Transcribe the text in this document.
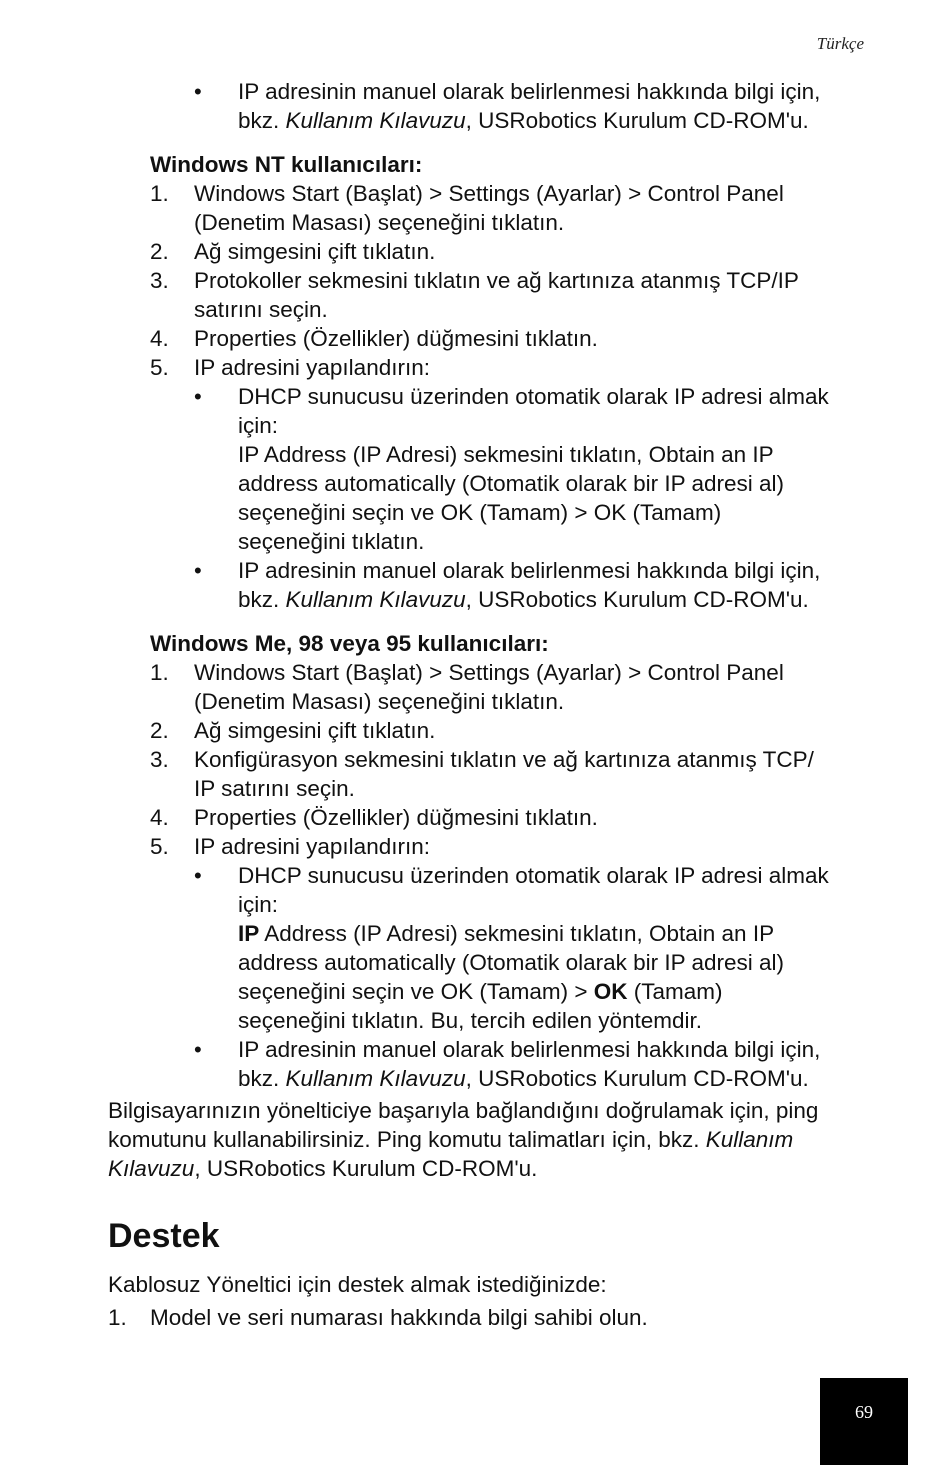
Türkçe
• IP adresinin manuel olarak belirlenmesi hakkında bilgi için,
bkz. Kullanım Kılavuzu, USRobotics Kurulum CD-ROM'u.
Windows NT kullanıcıları:
1. Windows Start (Başlat) > Settings (Ayarlar) > Control Panel
(Denetim Masası) seçeneğini tıklatın.
2. Ağ simgesini çift tıklatın.
3. Protokoller sekmesini tıklatın ve ağ kartınıza atanmış TCP/IP
satırını seçin.
4. Properties (Özellikler) düğmesini tıklatın.
5. IP adresini yapılandırın:
• DHCP sunucusu üzerinden otomatik olarak IP adresi almak
için:
IP Address (IP Adresi) sekmesini tıklatın, Obtain an IP
address automatically (Otomatik olarak bir IP adresi al)
seçeneğini seçin ve OK (Tamam) > OK (Tamam)
seçeneğini tıklatın.
• IP adresinin manuel olarak belirlenmesi hakkında bilgi için,
bkz. Kullanım Kılavuzu, USRobotics Kurulum CD-ROM'u.
Windows Me, 98 veya 95 kullanıcıları:
1. Windows Start (Başlat) > Settings (Ayarlar) > Control Panel
(Denetim Masası) seçeneğini tıklatın.
2. Ağ simgesini çift tıklatın.
3. Konfigürasyon sekmesini tıklatın ve ağ kartınıza atanmış TCP/
IP satırını seçin.
4. Properties (Özellikler) düğmesini tıklatın.
5. IP adresini yapılandırın:
• DHCP sunucusu üzerinden otomatik olarak IP adresi almak
için:
IP Address (IP Adresi) sekmesini tıklatın, Obtain an IP
address automatically (Otomatik olarak bir IP adresi al)
seçeneğini seçin ve OK (Tamam) > OK (Tamam)
seçeneğini tıklatın. Bu, tercih edilen yöntemdir.
• IP adresinin manuel olarak belirlenmesi hakkında bilgi için,
bkz. Kullanım Kılavuzu, USRobotics Kurulum CD-ROM'u.
Bilgisayarınızın yönelticiye başarıyla bağlandığını doğrulamak için, ping
komutunu kullanabilirsiniz. Ping komutu talimatları için, bkz. Kullanım
Kılavuzu, USRobotics Kurulum CD-ROM'u.
Destek
Kablosuz Yöneltici için destek almak istediğinizde:
1. Model ve seri numarası hakkında bilgi sahibi olun.
69
